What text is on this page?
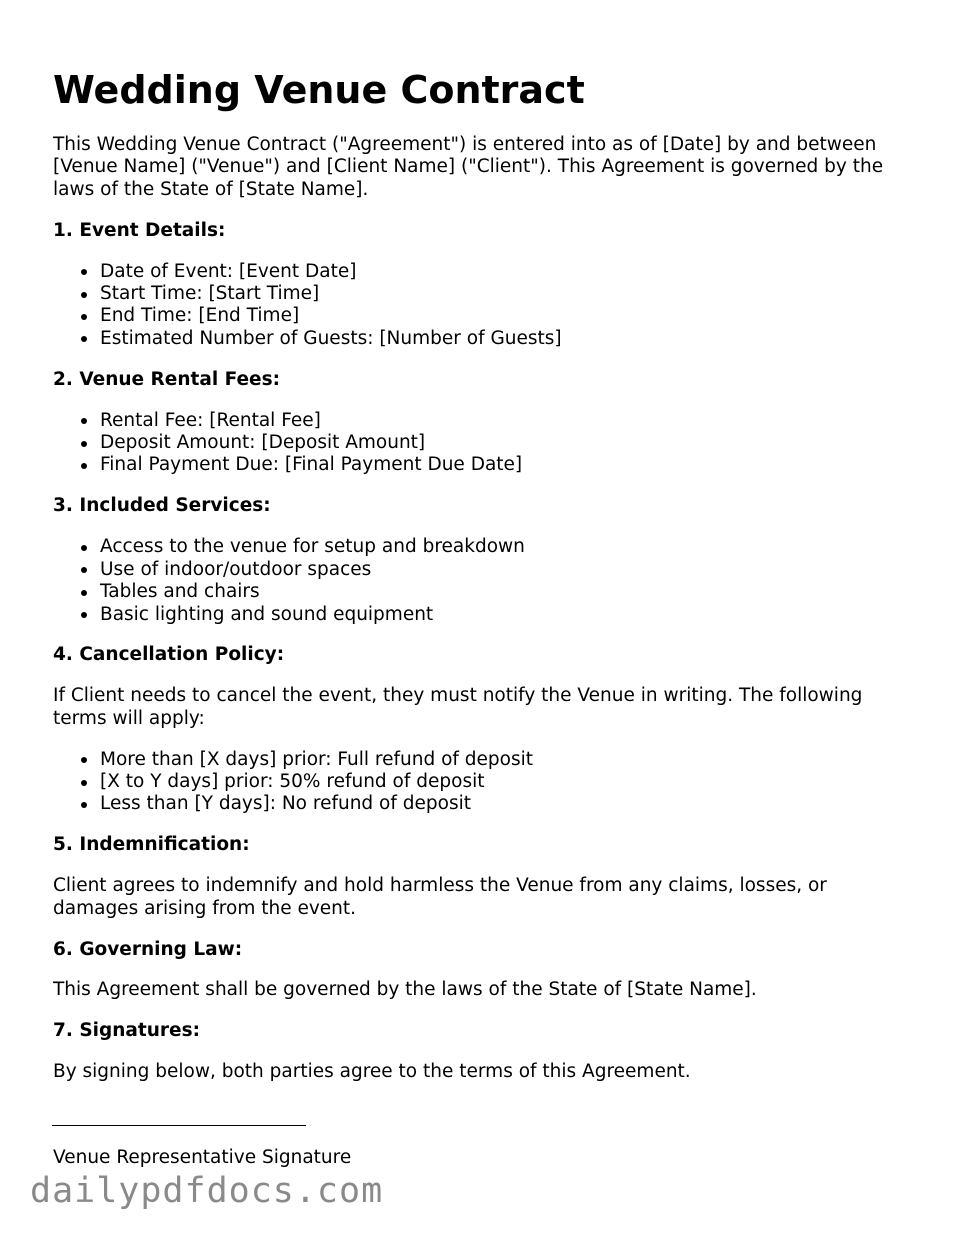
Wedding Venue Contract

This Wedding Venue Contract ("Agreement") is entered into as of [Date] by and between [Venue Name] ("Venue") and [Client Name] ("Client"). This Agreement is governed by the laws of the State of [State Name].

1. Event Details:
Date of Event: [Event Date]
Start Time: [Start Time]
End Time: [End Time]
Estimated Number of Guests: [Number of Guests]
2. Venue Rental Fees:
Rental Fee: [Rental Fee]
Deposit Amount: [Deposit Amount]
Final Payment Due: [Final Payment Due Date]
3. Included Services:
Access to the venue for setup and breakdown
Use of indoor/outdoor spaces
Tables and chairs
Basic lighting and sound equipment
4. Cancellation Policy:

If Client needs to cancel the event, they must notify the Venue in writing. The following terms will apply:

More than [X days] prior: Full refund of deposit
[X to Y days] prior: 50% refund of deposit
Less than [Y days]: No refund of deposit
5. Indemnification:

Client agrees to indemnify and hold harmless the Venue from any claims, losses, or damages arising from the event.

6. Governing Law:

This Agreement shall be governed by the laws of the State of [State Name].

7. Signatures:

By signing below, both parties agree to the terms of this Agreement.

Venue Representative Signature
dailypdfdocs.com
